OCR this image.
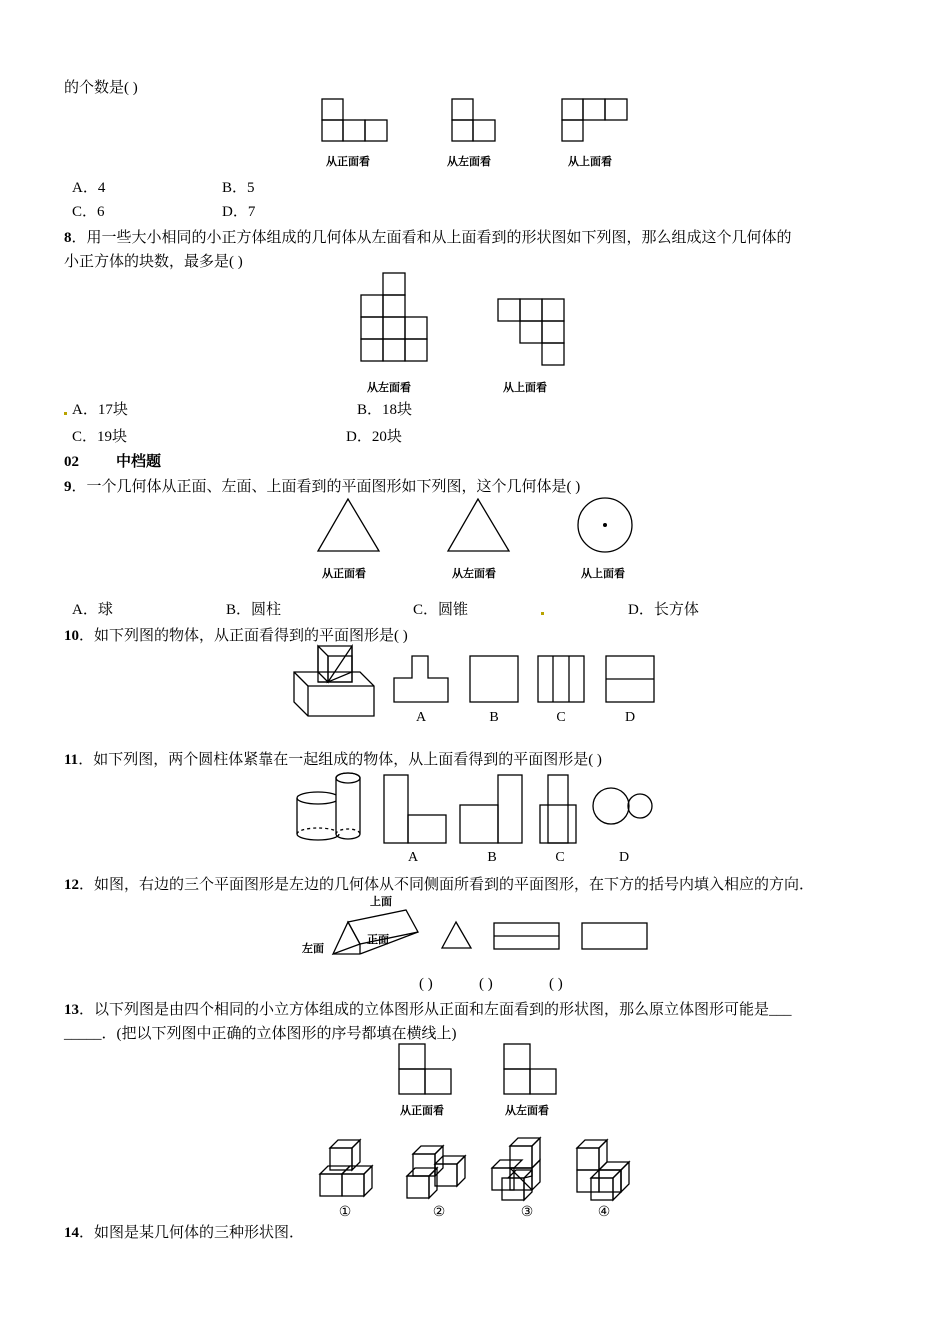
的个数是( )
从正面看	从左面看	从上面看
A．4	B．5
C．6	D．7
8．用一些大小相同的小正方体组成的几何体从左面看和从上面看到的形状图如下列图，那么组成这个几何体的
小正方体的块数，最多是( )
从左面看	从上面看
A．17块	B．18块
C．19块	D．20块
02 中档题
9．一个几何体从正面、左面、上面看到的平面图形如下列图，这个几何体是( )
从正面看	从左面看	从上面看
A．球	B．圆柱	C．圆锥	D．长方体
10．如下列图的物体，从正面看得到的平面图形是( )
A	B	C	D
11．如下列图，两个圆柱体紧靠在一起组成的物体，从上面看得到的平面图形是( )
A	B	C	D
12．如图，右边的三个平面图形是左边的几何体从不同侧面所看到的平面图形，在下方的括号内填入相应的方向．
上面
正面
左面
( )	( )	( )
13．以下列图是由四个相同的小立方体组成的立体图形从正面和左面看到的形状图，那么原立体图形可能是___
_____．(把以下列图中正确的立体图形的序号都填在横线上)
从正面看	从左面看
①	②	③	④
14．如图是某几何体的三种形状图．
